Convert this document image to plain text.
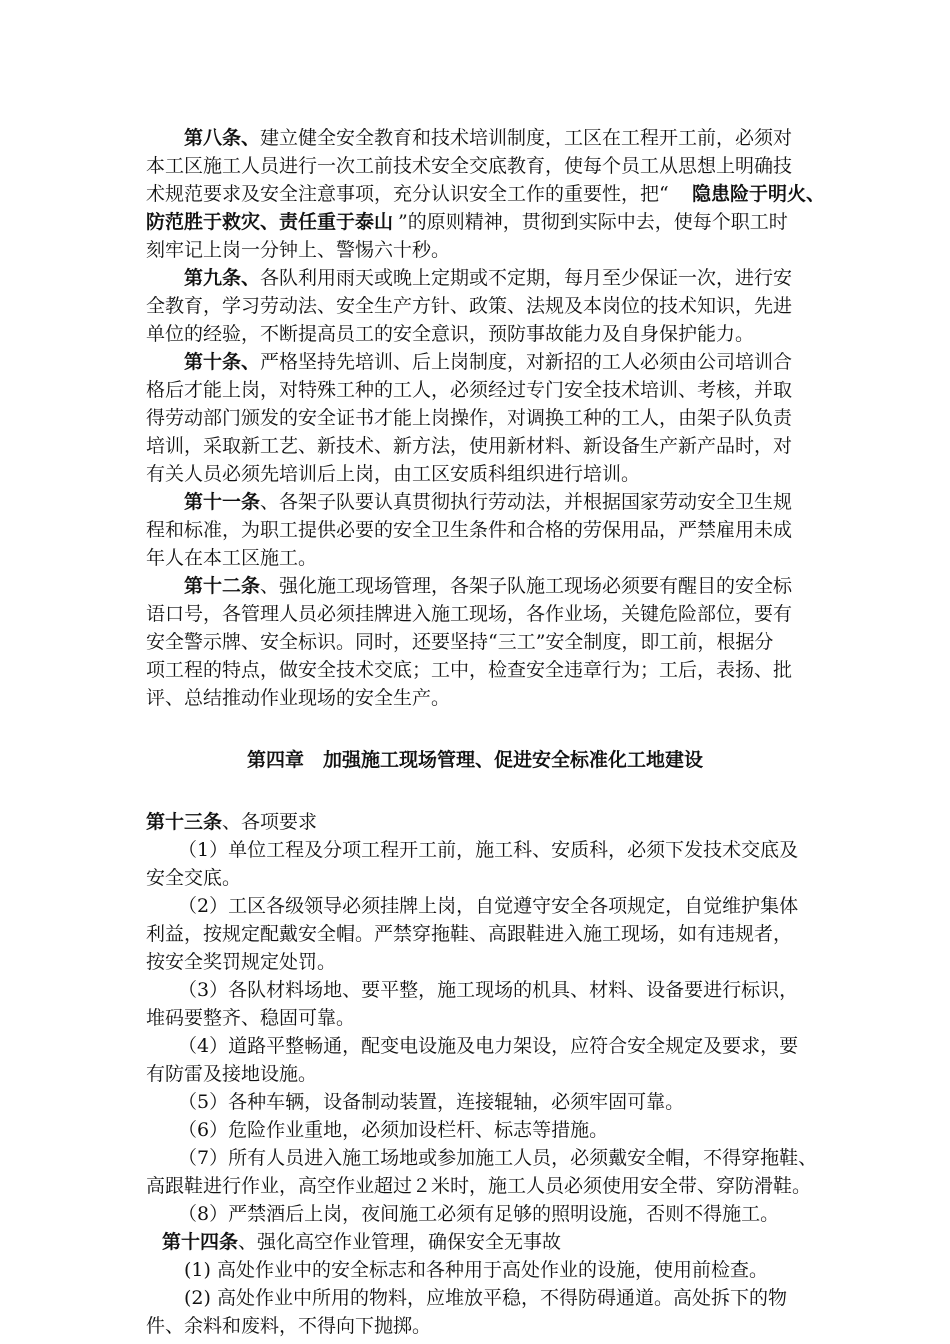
第八条、 建立健全安全教育和技术培训制度，工区在工程开工前，必须对
本工区施工人员进行一次工前技术安全交底教育，使每个员工从思想上明确技
术规范要求及安全注意事项，充分认识安全工作的重要性，把“ 隐患险于明火、
防范胜于救灾、责任重于泰山 ”的原则精神，贯彻到实际中去，使每个职工时
刻牢记上岗一分钟上、警惕六十秒。
第九条、 各队利用雨天或晚上定期或不定期，每月至少保证一次，进行安
全教育，学习劳动法、安全生产方针、政策、法规及本岗位的技术知识，先进
单位的经验，不断提高员工的安全意识，预防事故能力及自身保护能力。
第十条、 严格坚持先培训、后上岗制度，对新招的工人必须由公司培训合
格后才能上岗，对特殊工种的工人，必须经过专门安全技术培训、考核，并取
得劳动部门颁发的安全证书才能上岗操作，对调换工种的工人，由架子队负责
培训，采取新工艺、新技术、新方法，使用新材料、新设备生产新产品时，对
有关人员必须先培训后上岗，由工区安质科组织进行培训。
第十一条 、各架子队要认真贯彻执行劳动法，并根据国家劳动安全卫生规
程和标准，为职工提供必要的安全卫生条件和合格的劳保用品，严禁雇用未成
年人在本工区施工。
第十二条 、强化施工现场管理，各架子队施工现场必须要有醒目的安全标
语口号，各管理人员必须挂牌进入施工现场，各作业场，关键危险部位，要有
安全警示牌、安全标识。同时，还要坚持“三工”安全制度，即工前，根据分
项工程的特点，做安全技术交底；工中，检查安全违章行为；工后，表扬、批
评、总结推动作业现场的安全生产。
第四章　加强施工现场管理、促进安全标准化工地建设
第十三条 、各项要求
（1）单位工程及分项工程开工前，施工科、安质科，必须下发技术交底及
安全交底。
（2）工区各级领导必须挂牌上岗，自觉遵守安全各项规定，自觉维护集体
利益，按规定配戴安全帽。严禁穿拖鞋、高跟鞋进入施工现场，如有违规者，
按安全奖罚规定处罚。
（3）各队材料场地、要平整，施工现场的机具、材料、设备要进行标识，
堆码要整齐、稳固可靠。
（4）道路平整畅通，配变电设施及电力架设，应符合安全规定及要求，要
有防雷及接地设施。
（5）各种车辆，设备制动装置，连接辊轴，必须牢固可靠。
（6）危险作业重地，必须加设栏杆、标志等措施。
（7）所有人员进入施工场地或参加施工人员，必须戴安全帽，不得穿拖鞋、
高跟鞋进行作业，高空作业超过２米时，施工人员必须使用安全带、穿防滑鞋。
（8）严禁酒后上岗，夜间施工必须有足够的照明设施，否则不得施工。
第十四条 、强化高空作业管理，确保安全无事故
(1) 高处作业中的安全标志和各种用于高处作业的设施，使用前检查。
(2) 高处作业中所用的物料，应堆放平稳，不得防碍通道。高处拆下的物
件、余料和废料，不得向下抛掷。
